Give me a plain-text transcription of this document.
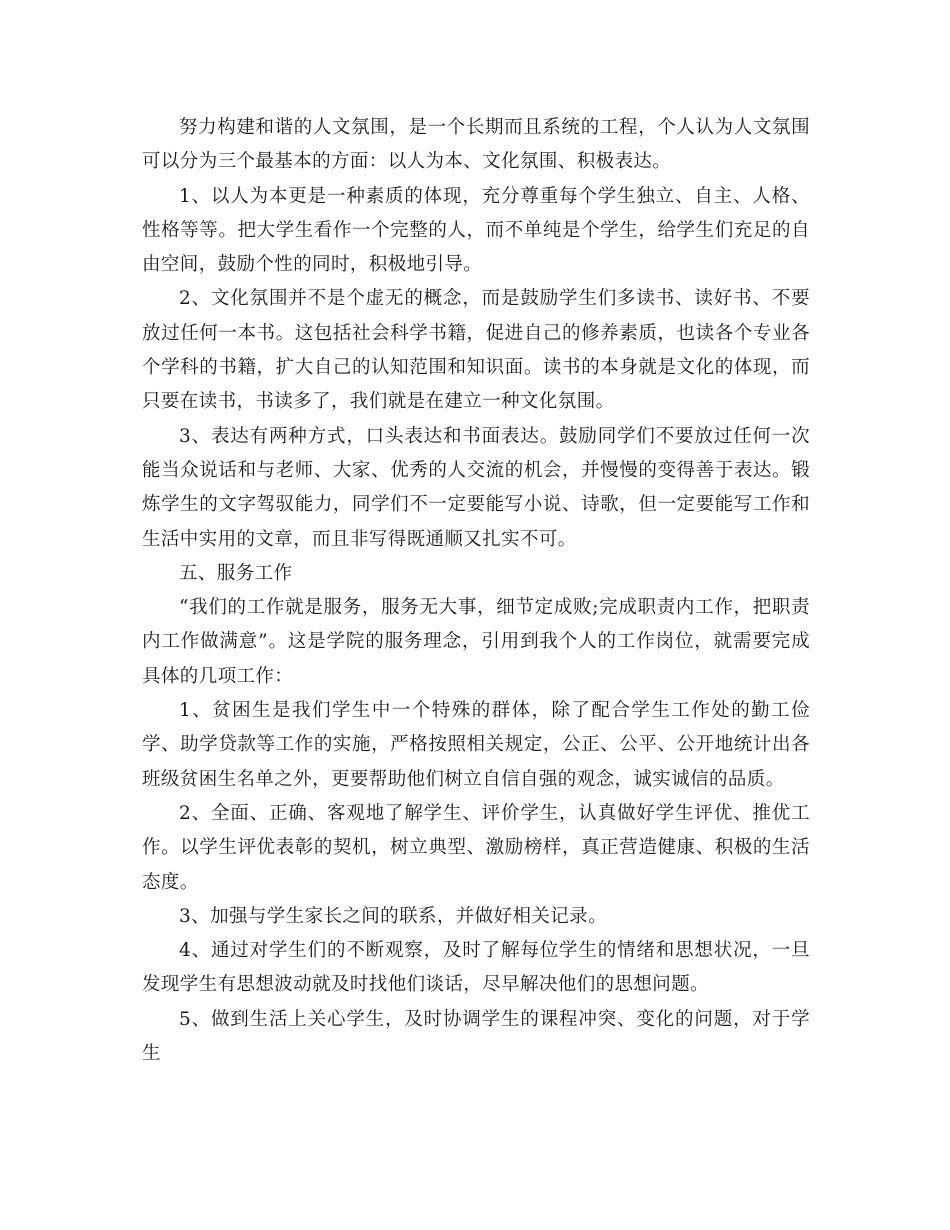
努力构建和谐的人文氛围，是一个长期而且系统的工程，个人认为人文氛围可以分为三个最基本的方面：以人为本、文化氛围、积极表达。

1、以人为本更是一种素质的体现，充分尊重每个学生独立、自主、人格、性格等等。把大学生看作一个完整的人，而不单纯是个学生，给学生们充足的自由空间，鼓励个性的同时，积极地引导。

2、文化氛围并不是个虚无的概念，而是鼓励学生们多读书、读好书、不要放过任何一本书。这包括社会科学书籍，促进自己的修养素质，也读各个专业各个学科的书籍，扩大自己的认知范围和知识面。读书的本身就是文化的体现，而只要在读书，书读多了，我们就是在建立一种文化氛围。

3、表达有两种方式，口头表达和书面表达。鼓励同学们不要放过任何一次能当众说话和与老师、大家、优秀的人交流的机会，并慢慢的变得善于表达。锻炼学生的文字驾驭能力，同学们不一定要能写小说、诗歌，但一定要能写工作和生活中实用的文章，而且非写得既通顺又扎实不可。

五、服务工作

“我们的工作就是服务，服务无大事，细节定成败;完成职责内工作，把职责内工作做满意”。这是学院的服务理念，引用到我个人的工作岗位，就需要完成具体的几项工作：

1、贫困生是我们学生中一个特殊的群体，除了配合学生工作处的勤工俭学、助学贷款等工作的实施，严格按照相关规定，公正、公平、公开地统计出各班级贫困生名单之外，更要帮助他们树立自信自强的观念，诚实诚信的品质。

2、全面、正确、客观地了解学生、评价学生，认真做好学生评优、推优工作。以学生评优表彰的契机，树立典型、激励榜样，真正营造健康、积极的生活态度。

3、加强与学生家长之间的联系，并做好相关记录。

4、通过对学生们的不断观察，及时了解每位学生的情绪和思想状况，一旦发现学生有思想波动就及时找他们谈话，尽早解决他们的思想问题。

5、做到生活上关心学生，及时协调学生的课程冲突、变化的问题，对于学生
